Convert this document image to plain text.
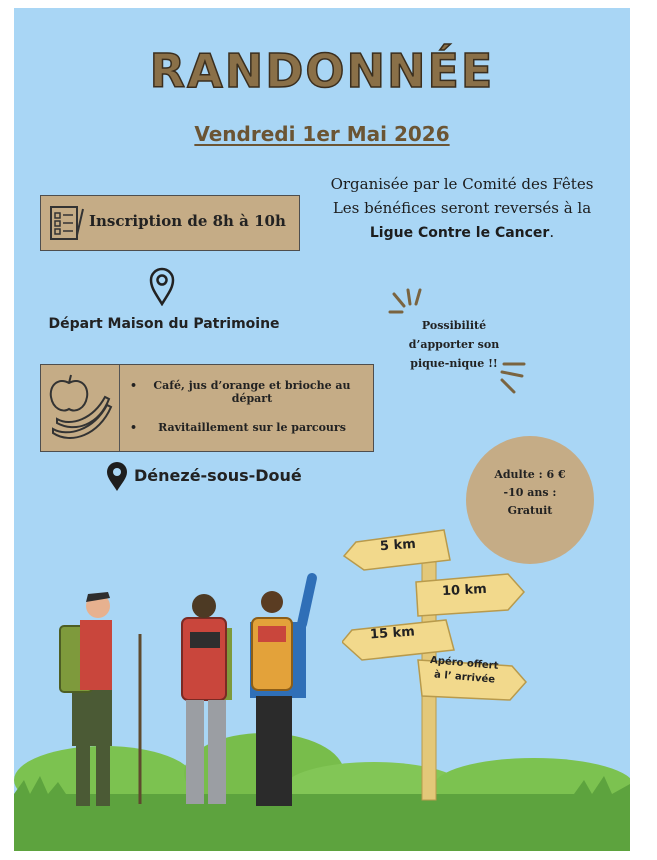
RANDONNÉE
Vendredi 1er Mai 2026
Organisée par le Comité des Fêtes
Les bénéfices seront reversés à la
Ligue Contre le Cancer.
Inscription de 8h à 10h
Départ Maison du Patrimoine
• Café, jus d’orange et brioche au départ
• Ravitaillement sur le parcours
Possibilité
d’apporter son
pique-nique !!
Dénezé-sous-Doué	Adulte : 6 €
-10 ans :
Gratuit
5 km
10 km
15 km
Apéro offert
à l’ arrivée
